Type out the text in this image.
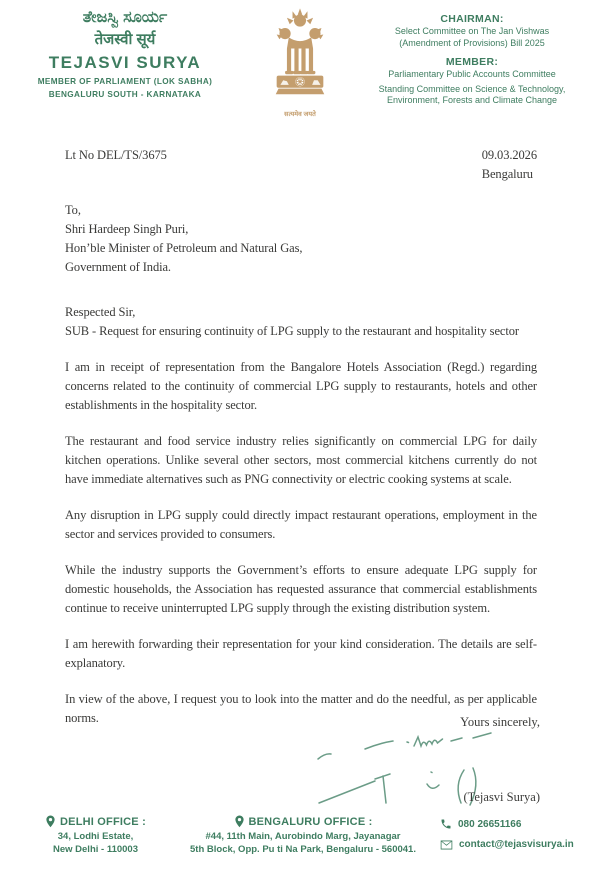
ತೇಜಸ್ವಿ ಸೂರ್ಯ
तेजस्वी सूर्य
TEJASVI SURYA
MEMBER OF PARLIAMENT (LOK SABHA)
BENGALURU SOUTH - KARNATAKA
सत्यमेव जयते
CHAIRMAN:
Select Committee on The Jan Vishwas
(Amendment of Provisions) Bill 2025
MEMBER:
Parliamentary Public Accounts Committee
Standing Committee on Science & Technology,
Environment, Forests and Climate Change
Lt No DEL/TS/3675	09.03.2026
Bengaluru
To,
Shri Hardeep Singh Puri,
Hon’ble Minister of Petroleum and Natural Gas,
Government of India.
Respected Sir,
SUB - Request for ensuring continuity of LPG supply to the restaurant and hospitality sector

I am in receipt of representation from the Bangalore Hotels Association (Regd.) regarding concerns related to the continuity of commercial LPG supply to restaurants, hotels and other establishments in the hospitality sector.

The restaurant and food service industry relies significantly on commercial LPG for daily kitchen operations. Unlike several other sectors, most commercial kitchens currently do not have immediate alternatives such as PNG connectivity or electric cooking systems at scale.

Any disruption in LPG supply could directly impact restaurant operations, employment in the sector and services provided to consumers.

While the industry supports the Government’s efforts to ensure adequate LPG supply for domestic households, the Association has requested assurance that commercial establishments continue to receive uninterrupted LPG supply through the existing distribution system.

I am herewith forwarding their representation for your kind consideration. The details are self-explanatory.

In view of the above, I request you to look into the matter and do the needful, as per applicable norms.	Yours sincerely,
(Tejasvi Surya)
DELHI OFFICE :
34, Lodhi Estate,
New Delhi - 110003
BENGALURU OFFICE :
#44, 11th Main, Aurobindo Marg, Jayanagar
5th Block, Opp. Pu ti Na Park, Bengaluru - 560041.
080 26651166
contact@tejasvisurya.in
